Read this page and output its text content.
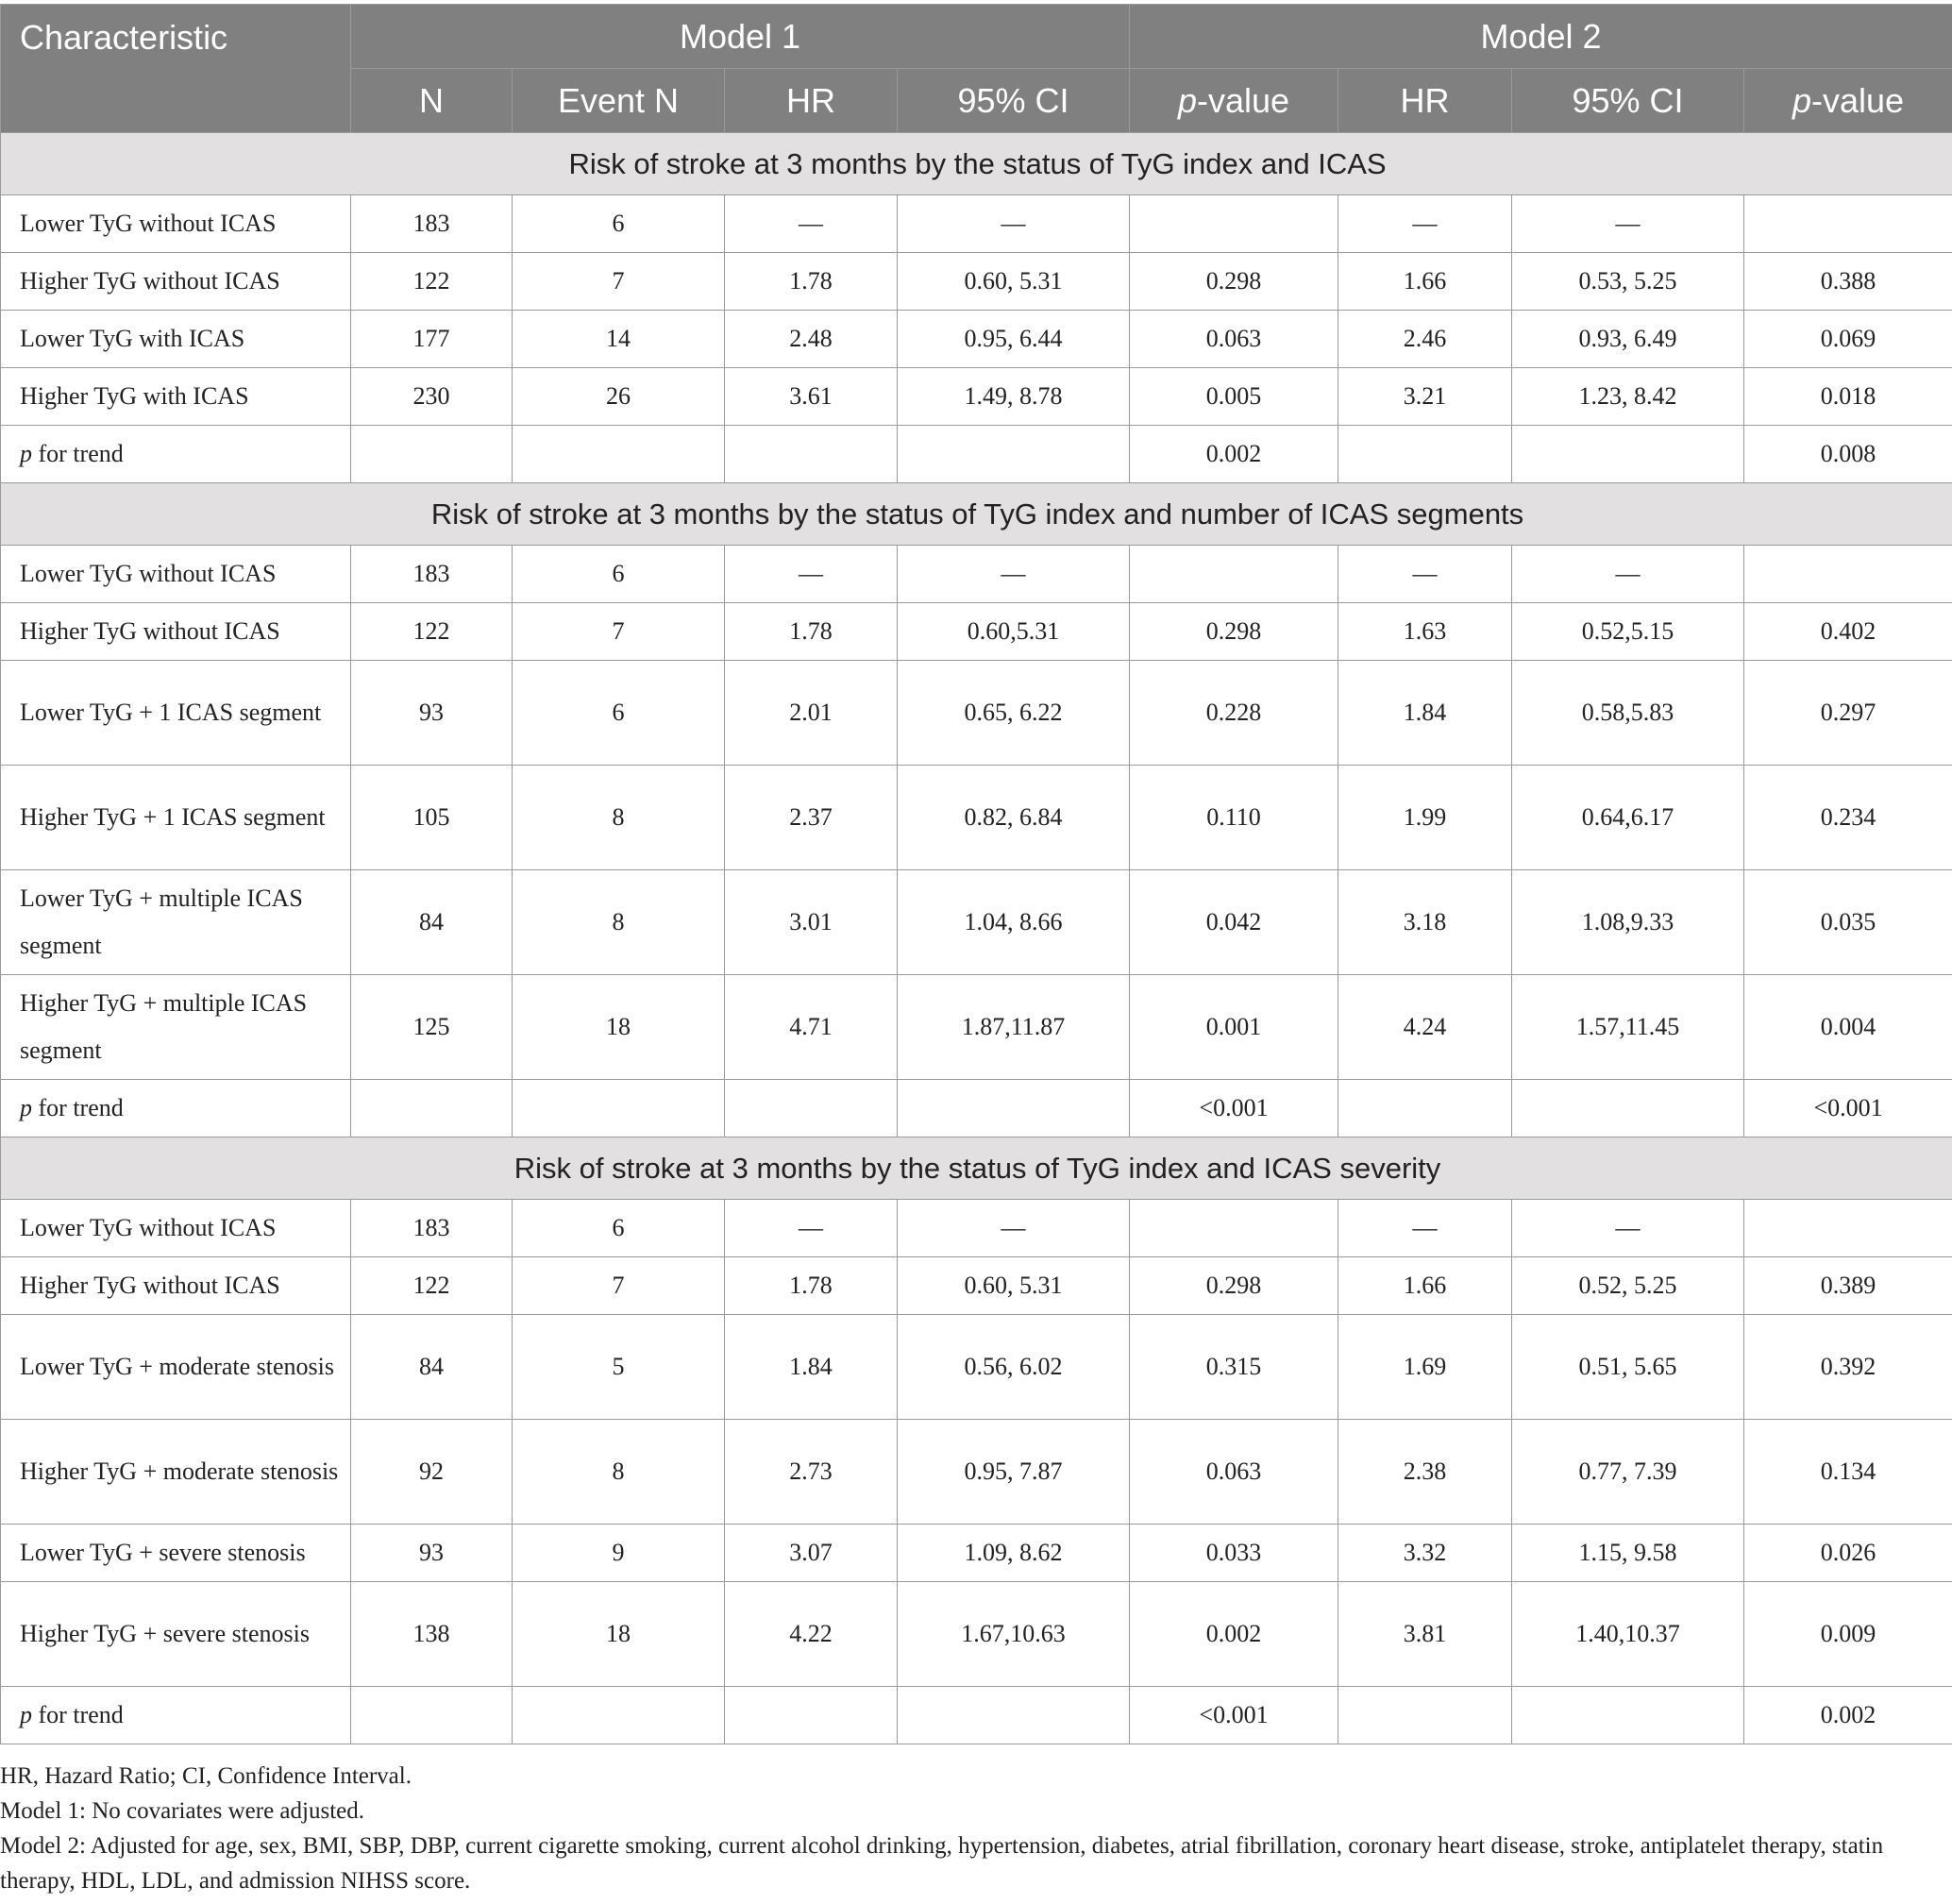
Characteristic	Model 1				Model 2			
	N	Event N	HR	95% CI	p-value	HR	95% CI	p-value
Risk of stroke at 3 months by the status of TyG index and ICAS								
Lower TyG without ICAS	183	6	—	—		—	—	
Higher TyG without ICAS	122	7	1.78	0.60, 5.31	0.298	1.66	0.53, 5.25	0.388
Lower TyG with ICAS	177	14	2.48	0.95, 6.44	0.063	2.46	0.93, 6.49	0.069
Higher TyG with ICAS	230	26	3.61	1.49, 8.78	0.005	3.21	1.23, 8.42	0.018
p for trend					0.002			0.008
Risk of stroke at 3 months by the status of TyG index and number of ICAS segments								
Lower TyG without ICAS	183	6	—	—		—	—	
Higher TyG without ICAS	122	7	1.78	0.60,5.31	0.298	1.63	0.52,5.15	0.402
Lower TyG + 1 ICAS segment	93	6	2.01	0.65, 6.22	0.228	1.84	0.58,5.83	0.297
Higher TyG + 1 ICAS segment	105	8	2.37	0.82, 6.84	0.110	1.99	0.64,6.17	0.234
Lower TyG + multiple ICAS segment	84	8	3.01	1.04, 8.66	0.042	3.18	1.08,9.33	0.035
Higher TyG + multiple ICAS segment	125	18	4.71	1.87,11.87	0.001	4.24	1.57,11.45	0.004
p for trend					<0.001			<0.001
Risk of stroke at 3 months by the status of TyG index and ICAS severity								
Lower TyG without ICAS	183	6	—	—		—	—	
Higher TyG without ICAS	122	7	1.78	0.60, 5.31	0.298	1.66	0.52, 5.25	0.389
Lower TyG + moderate stenosis	84	5	1.84	0.56, 6.02	0.315	1.69	0.51, 5.65	0.392
Higher TyG + moderate stenosis	92	8	2.73	0.95, 7.87	0.063	2.38	0.77, 7.39	0.134
Lower TyG + severe stenosis	93	9	3.07	1.09, 8.62	0.033	3.32	1.15, 9.58	0.026
Higher TyG + severe stenosis	138	18	4.22	1.67,10.63	0.002	3.81	1.40,10.37	0.009
p for trend					<0.001			0.002

HR, Hazard Ratio; CI, Confidence Interval.

Model 1: No covariates were adjusted.

Model 2: Adjusted for age, sex, BMI, SBP, DBP, current cigarette smoking, current alcohol drinking, hypertension, diabetes, atrial fibrillation, coronary heart disease, stroke, antiplatelet therapy, statin therapy, HDL, LDL, and admission NIHSS score.
